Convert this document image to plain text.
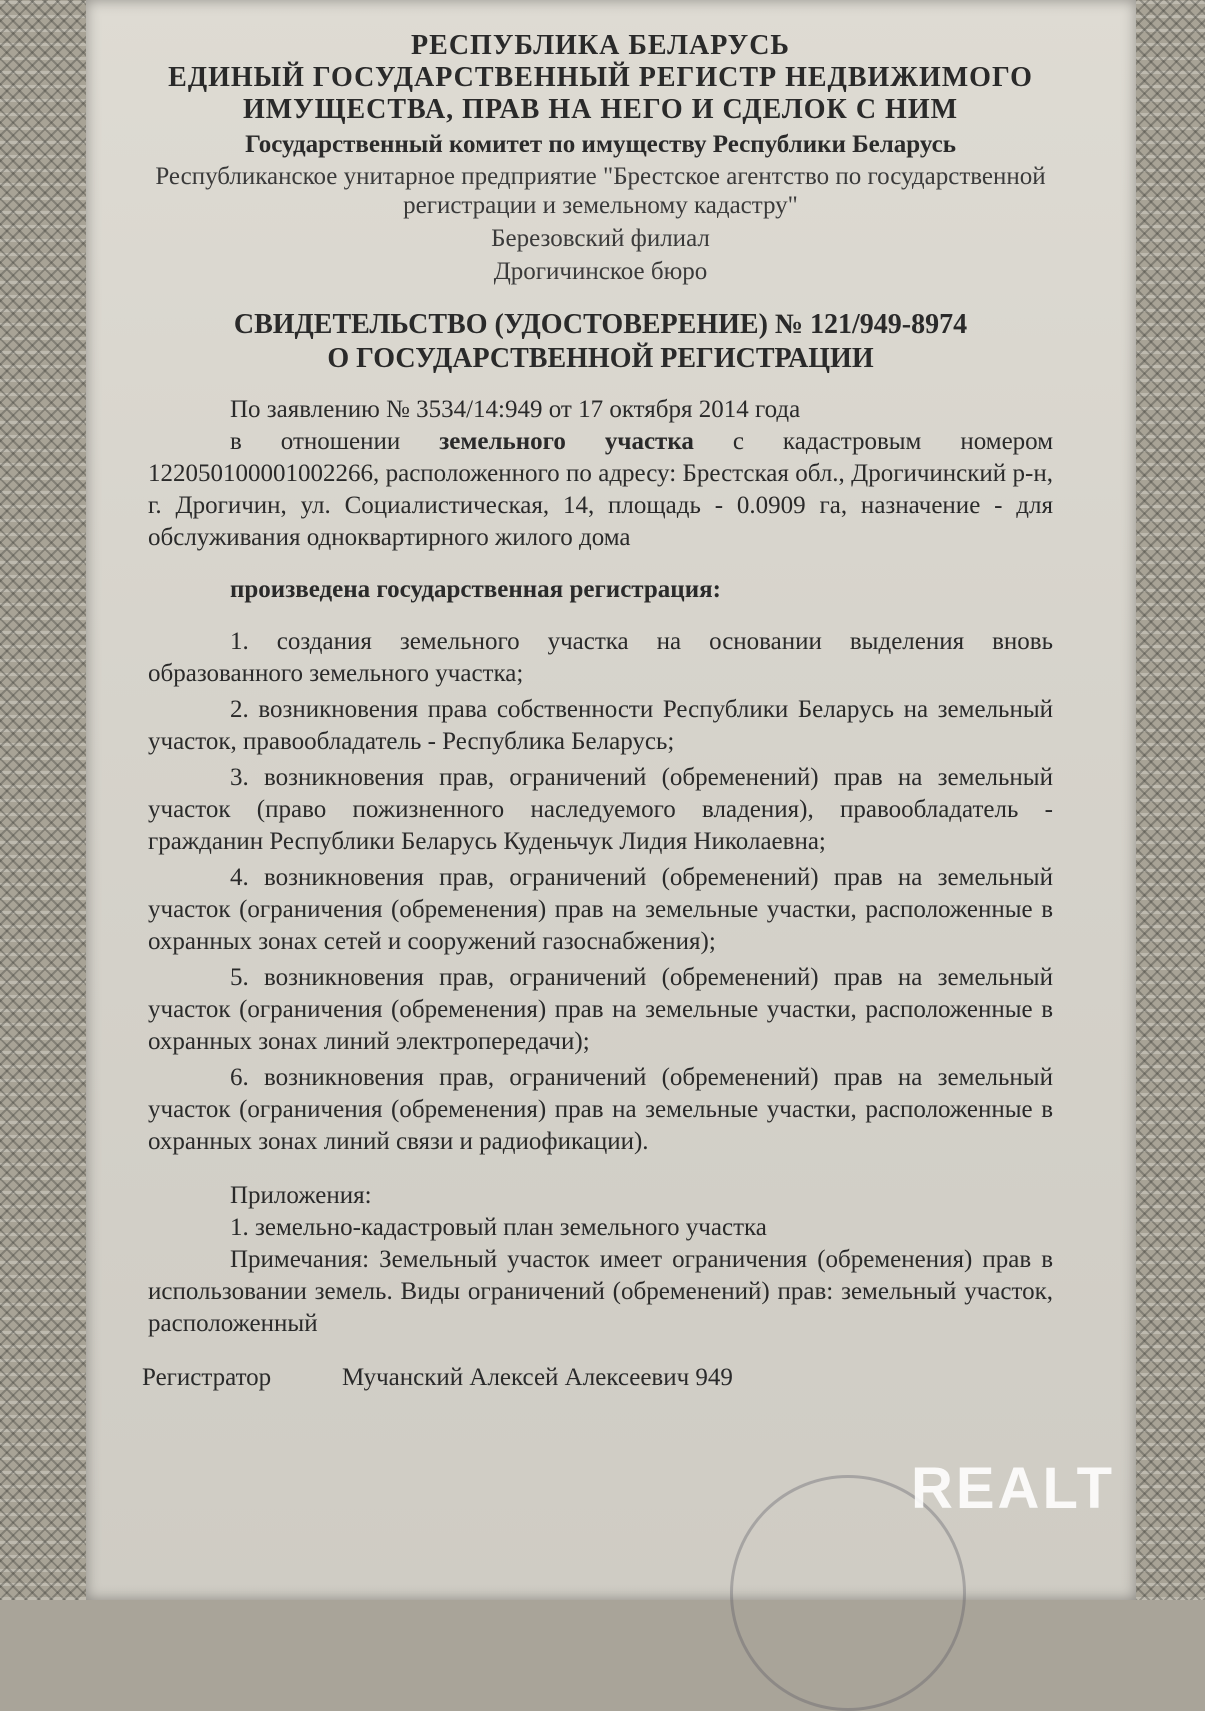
РЕСПУБЛИКА БЕЛАРУСЬ
ЕДИНЫЙ ГОСУДАРСТВЕННЫЙ РЕГИСТР НЕДВИЖИМОГО
ИМУЩЕСТВА, ПРАВ НА НЕГО И СДЕЛОК С НИМ
Государственный комитет по имуществу Республики Беларусь
Республиканское унитарное предприятие "Брестское агентство по государственной регистрации и земельному кадастру"
Березовский филиал
Дрогичинское бюро
СВИДЕТЕЛЬСТВО (УДОСТОВЕРЕНИЕ) № 121/949-8974
О ГОСУДАРСТВЕННОЙ РЕГИСТРАЦИИ

По заявлению № 3534/14:949 от 17 октября 2014 года

в отношении земельного участка с кадастровым номером 122050100001002266, расположенного по адресу: Брестская обл., Дрогичинский р-н, г. Дрогичин, ул. Социалистическая, 14, площадь - 0.0909 га, назначение - для обслуживания одноквартирного жилого дома

произведена государственная регистрация:

1. создания земельного участка на основании выделения вновь образованного земельного участка;

2. возникновения права собственности Республики Беларусь на земельный участок, правообладатель - Республика Беларусь;

3. возникновения прав, ограничений (обременений) прав на земельный участок (право пожизненного наследуемого владения), правообладатель - гражданин Республики Беларусь Куденьчук Лидия Николаевна;

4. возникновения прав, ограничений (обременений) прав на земельный участок (ограничения (обременения) прав на земельные участки, расположенные в охранных зонах сетей и сооружений газоснабжения);

5. возникновения прав, ограничений (обременений) прав на земельный участок (ограничения (обременения) прав на земельные участки, расположенные в охранных зонах линий электропередачи);

6. возникновения прав, ограничений (обременений) прав на земельный участок (ограничения (обременения) прав на земельные участки, расположенные в охранных зонах линий связи и радиофикации).

Приложения:

1. земельно-кадастровый план земельного участка

Примечания: Земельный участок имеет ограничения (обременения) прав в использовании земель. Виды ограничений (обременений) прав: земельный участок, расположенный

Регистратор	Мучанский Алексей Алексеевич 949
REALT
